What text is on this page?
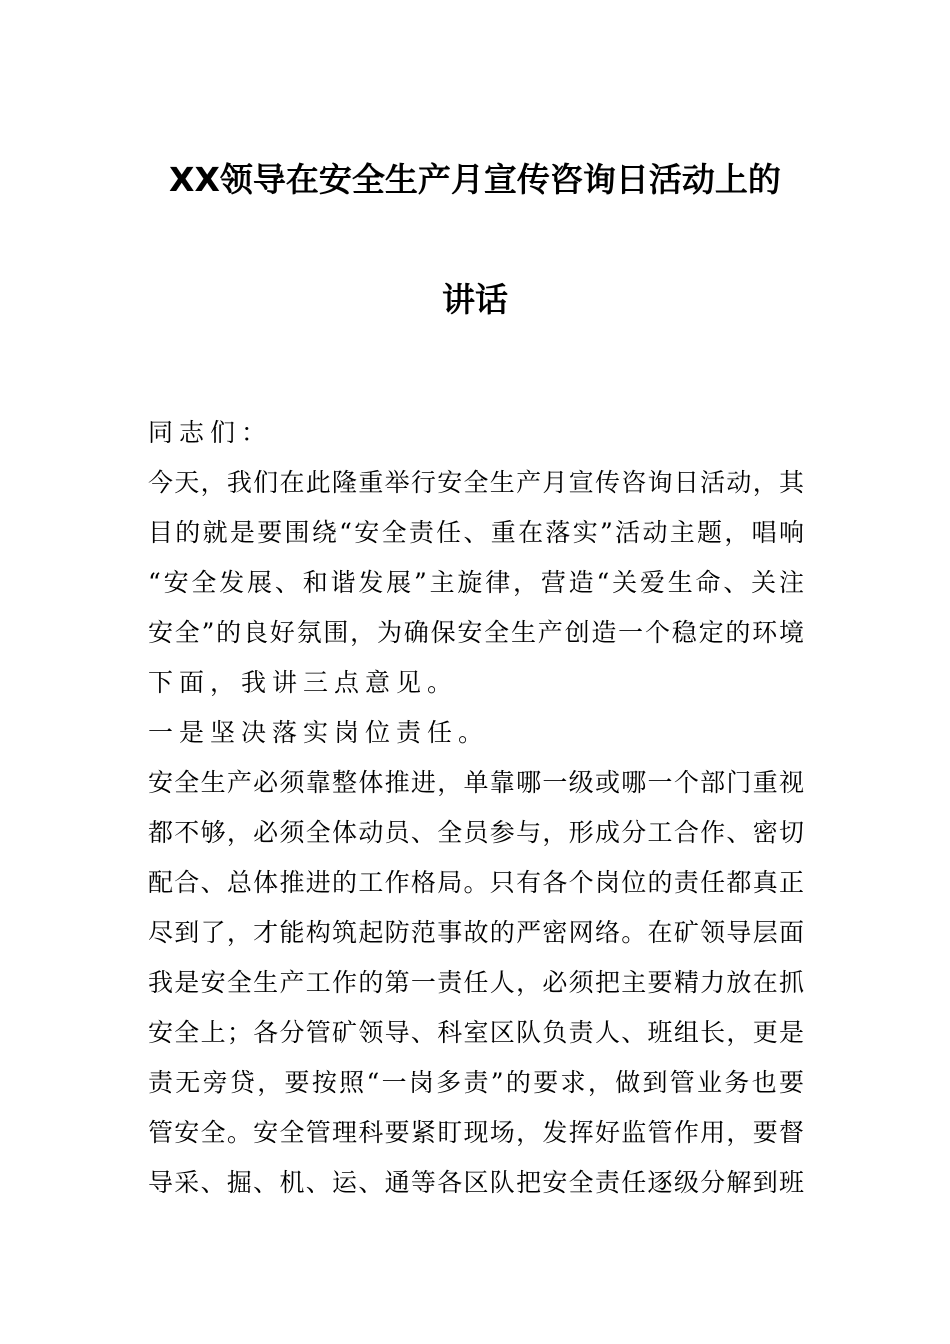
XX领导在安全生产月宣传咨询日活动上的
讲话
同志们：
今天，我们在此隆重举行安全生产月宣传咨询日活动，其
目的就是要围绕“安全责任、重在落实”活动主题，唱响
“安全发展、和谐发展”主旋律，营造“关爱生命、关注
安全”的良好氛围，为确保安全生产创造一个稳定的环境
下面，我讲三点意见。
一是坚决落实岗位责任。
安全生产必须靠整体推进，单靠哪一级或哪一个部门重视
都不够，必须全体动员、全员参与，形成分工合作、密切
配合、总体推进的工作格局。只有各个岗位的责任都真正
尽到了，才能构筑起防范事故的严密网络。在矿领导层面
我是安全生产工作的第一责任人，必须把主要精力放在抓
安全上；各分管矿领导、科室区队负责人、班组长，更是
责无旁贷，要按照“一岗多责”的要求，做到管业务也要
管安全。安全管理科要紧盯现场，发挥好监管作用，要督
导采、掘、机、运、通等各区队把安全责任逐级分解到班
